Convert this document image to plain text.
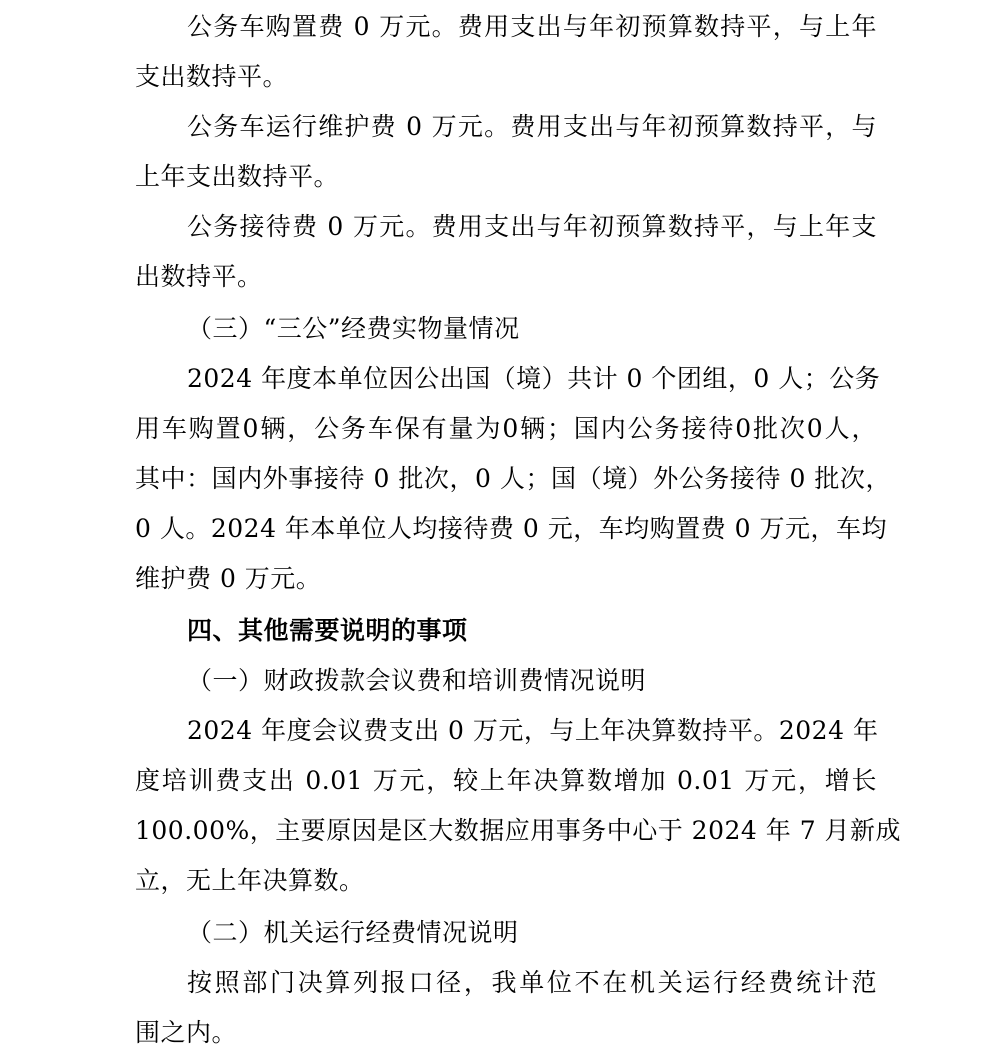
公务车购置费 0 万元。费用支出与年初预算数持平，与上年
支出数持平。
公务车运行维护费 0 万元。费用支出与年初预算数持平，与
上年支出数持平。
公务接待费 0 万元。费用支出与年初预算数持平，与上年支
出数持平。
（三）“三公”经费实物量情况
2024 年度本单位因公出国（境）共计 0 个团组，0 人；公务
用车购置0辆，公务车保有量为0辆；国内公务接待0批次0人，
其中：国内外事接待 0 批次，0 人；国（境）外公务接待 0 批次，
0 人。2024 年本单位人均接待费 0 元，车均购置费 0 万元，车均
维护费 0 万元。
四、其他需要说明的事项
（一）财政拨款会议费和培训费情况说明
2024 年度会议费支出 0 万元，与上年决算数持平。2024 年
度培训费支出 0.01 万元，较上年决算数增加 0.01 万元，增长
100.00%，主要原因是区大数据应用事务中心于 2024 年 7 月新成
立，无上年决算数。
（二）机关运行经费情况说明
按照部门决算列报口径，我单位不在机关运行经费统计范
围之内。
